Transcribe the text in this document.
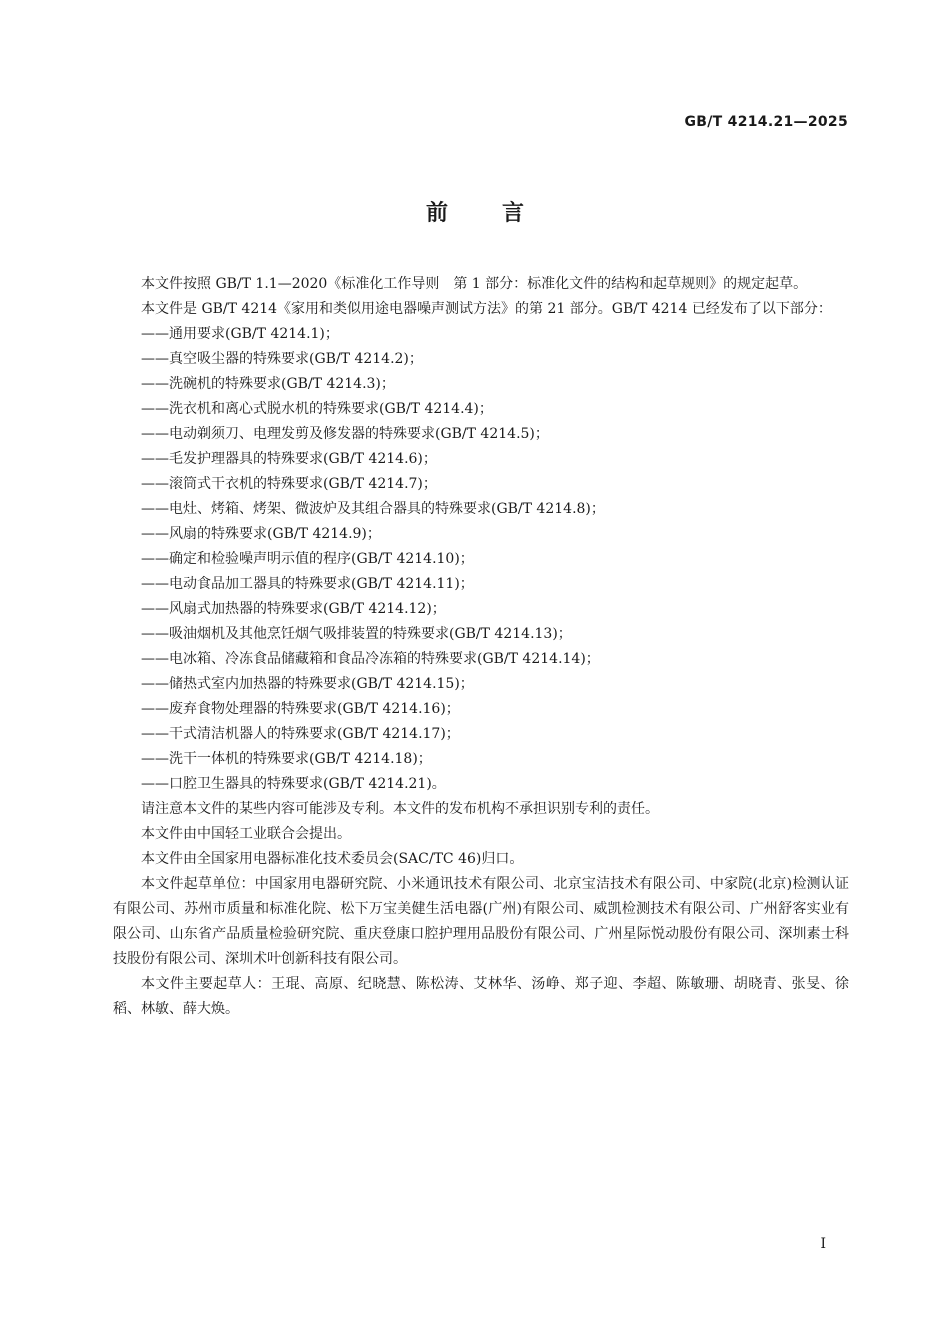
GB/T 4214.21—2025
前言

本文件按照 GB/T 1.1—2020《标准化工作导则　第 1 部分：标准化文件的结构和起草规则》的规定起草。

本文件是 GB/T 4214《家用和类似用途电器噪声测试方法》的第 21 部分。GB/T 4214 已经发布了以下部分：

——通用要求(GB/T 4214.1)；
——真空吸尘器的特殊要求(GB/T 4214.2)；
——洗碗机的特殊要求(GB/T 4214.3)；
——洗衣机和离心式脱水机的特殊要求(GB/T 4214.4)；
——电动剃须刀、电理发剪及修发器的特殊要求(GB/T 4214.5)；
——毛发护理器具的特殊要求(GB/T 4214.6)；
——滚筒式干衣机的特殊要求(GB/T 4214.7)；
——电灶、烤箱、烤架、微波炉及其组合器具的特殊要求(GB/T 4214.8)；
——风扇的特殊要求(GB/T 4214.9)；
——确定和检验噪声明示值的程序(GB/T 4214.10)；
——电动食品加工器具的特殊要求(GB/T 4214.11)；
——风扇式加热器的特殊要求(GB/T 4214.12)；
——吸油烟机及其他烹饪烟气吸排装置的特殊要求(GB/T 4214.13)；
——电冰箱、冷冻食品储藏箱和食品冷冻箱的特殊要求(GB/T 4214.14)；
——储热式室内加热器的特殊要求(GB/T 4214.15)；
——废弃食物处理器的特殊要求(GB/T 4214.16)；
——干式清洁机器人的特殊要求(GB/T 4214.17)；
——洗干一体机的特殊要求(GB/T 4214.18)；
——口腔卫生器具的特殊要求(GB/T 4214.21)。

请注意本文件的某些内容可能涉及专利。本文件的发布机构不承担识别专利的责任。

本文件由中国轻工业联合会提出。

本文件由全国家用电器标准化技术委员会(SAC/TC 46)归口。

本文件起草单位：中国家用电器研究院、小米通讯技术有限公司、北京宝洁技术有限公司、中家院(北京)检测认证有限公司、苏州市质量和标准化院、松下万宝美健生活电器(广州)有限公司、威凯检测技术有限公司、广州舒客实业有限公司、山东省产品质量检验研究院、重庆登康口腔护理用品股份有限公司、广州星际悦动股份有限公司、深圳素士科技股份有限公司、深圳术叶创新科技有限公司。

本文件主要起草人：王琨、高原、纪晓慧、陈松涛、艾林华、汤峥、郑子迎、李超、陈敏珊、胡晓青、张旻、徐稻、林敏、薛大焕。

I
